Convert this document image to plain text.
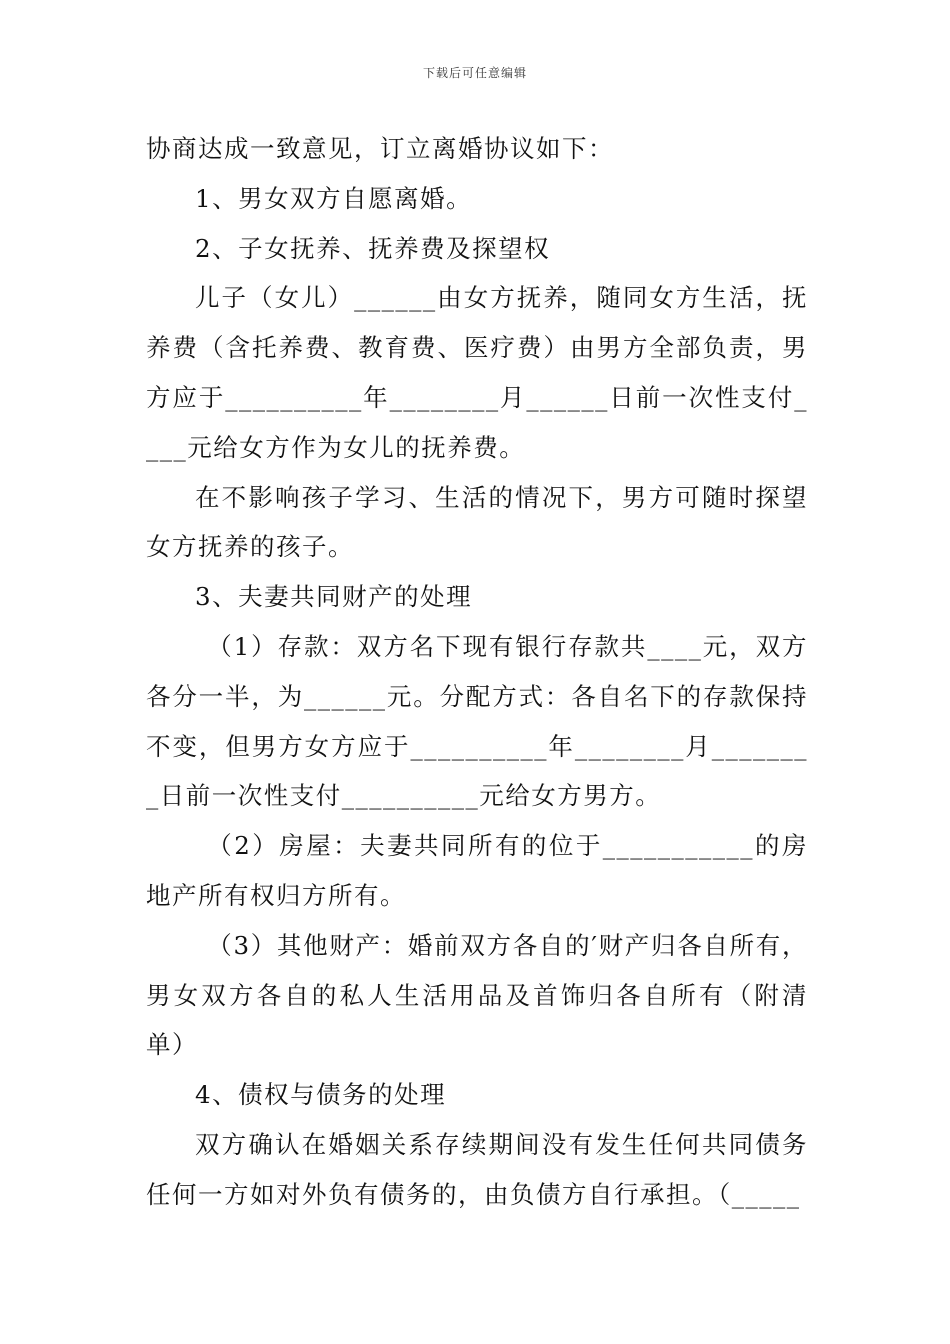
下载后可任意编辑

协商达成一致意见，订立离婚协议如下：

1、男女双方自愿离婚。

2、子女抚养、抚养费及探望权

儿子（女儿）______由女方抚养，随同女方生活，抚养费（含托养费、教育费、医疗费）由男方全部负责，男方应于__________年________月______日前一次性支付____元给女方作为女儿的抚养费。

在不影响孩子学习、生活的情况下，男方可随时探望女方抚养的孩子。

3、夫妻共同财产的处理

（1）存款：双方名下现有银行存款共____元，双方各分一半，为______元。分配方式：各自名下的存款保持不变，但男方女方应于__________年________月________日前一次性支付__________元给女方男方。

（2）房屋：夫妻共同所有的位于___________的房地产所有权归方所有。

（3）其他财产：婚前双方各自的′财产归各自所有，男女双方各自的私人生活用品及首饰归各自所有（附清单）

4、债权与债务的处理

双方确认在婚姻关系存续期间没有发生任何共同债务任何一方如对外负有债务的，由负债方自行承担。（_____
